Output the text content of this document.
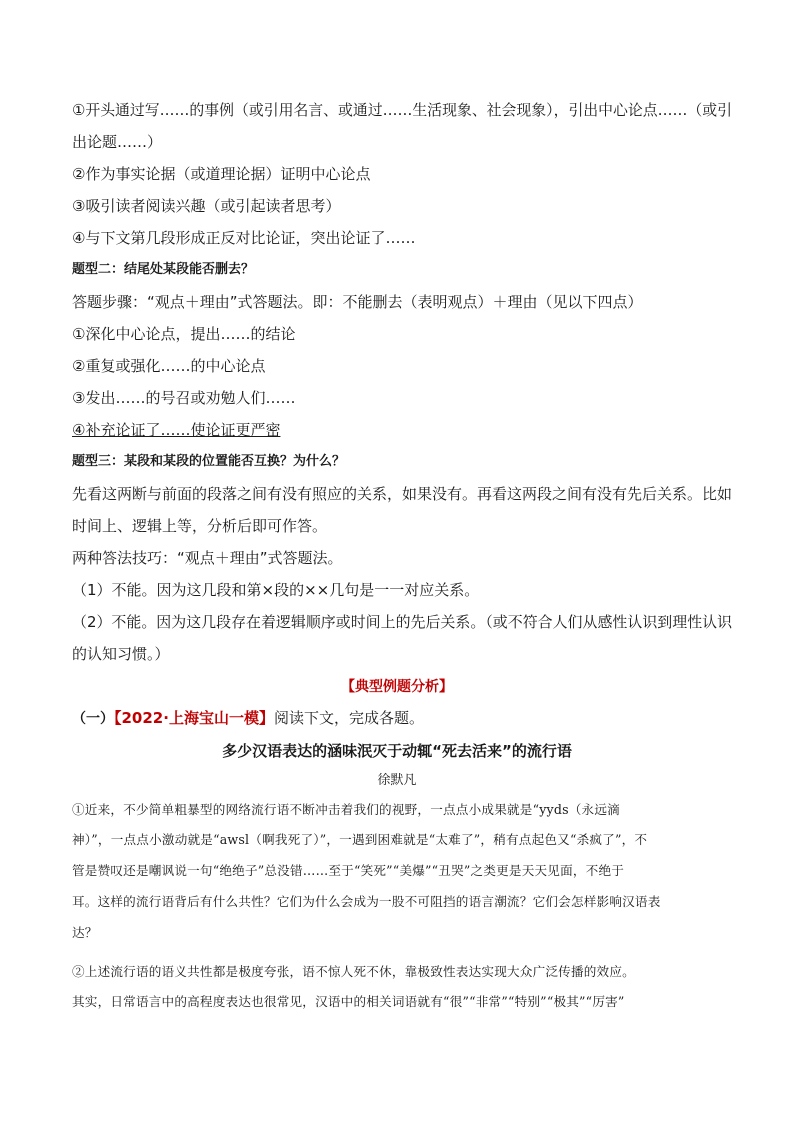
①开头通过写……的事例（或引用名言、或通过……生活现象、社会现象），引出中心论点……（或引
出论题……）
②作为事实论据（或道理论据）证明中心论点
③吸引读者阅读兴趣（或引起读者思考）
④与下文第几段形成正反对比论证，突出论证了……
题型二：结尾处某段能否删去？
答题步骤：“观点＋理由”式答题法。即：不能删去（表明观点）＋理由（见以下四点）
①深化中心论点，提出……的结论
②重复或强化……的中心论点
③发出……的号召或劝勉人们……
④补充论证了……使论证更严密
题型三：某段和某段的位置能否互换？为什么？
先看这两断与前面的段落之间有没有照应的关系，如果没有。再看这两段之间有没有先后关系。比如
时间上、逻辑上等，分析后即可作答。
两种答法技巧：“观点＋理由”式答题法。
（1）不能。因为这几段和第×段的××几句是一一对应关系。
（2）不能。因为这几段存在着逻辑顺序或时间上的先后关系。（或不符合人们从感性认识到理性认识
的认知习惯。）
【典型例题分析】
（一）【2022·上海宝山一模】阅读下文，完成各题。
多少汉语表达的涵味泯灭于动辄“死去活来”的流行语
徐默凡
①近来，不少简单粗暴型的网络流行语不断冲击着我们的视野，一点点小成果就是“yyds（永远滴
神）”，一点点小激动就是“awsl（啊我死了）”，一遇到困难就是“太难了”，稍有点起色又“杀疯了”，不
管是赞叹还是嘲讽说一句“绝绝子”总没错……至于“笑死”“美爆”“丑哭”之类更是天天见面，不绝于
耳。这样的流行语背后有什么共性？它们为什么会成为一股不可阻挡的语言潮流？它们会怎样影响汉语表
达？
②上述流行语的语义共性都是极度夸张，语不惊人死不休，靠极致性表达实现大众广泛传播的效应。
其实，日常语言中的高程度表达也很常见，汉语中的相关词语就有“很”“非常”“特别”“极其”“厉害”
